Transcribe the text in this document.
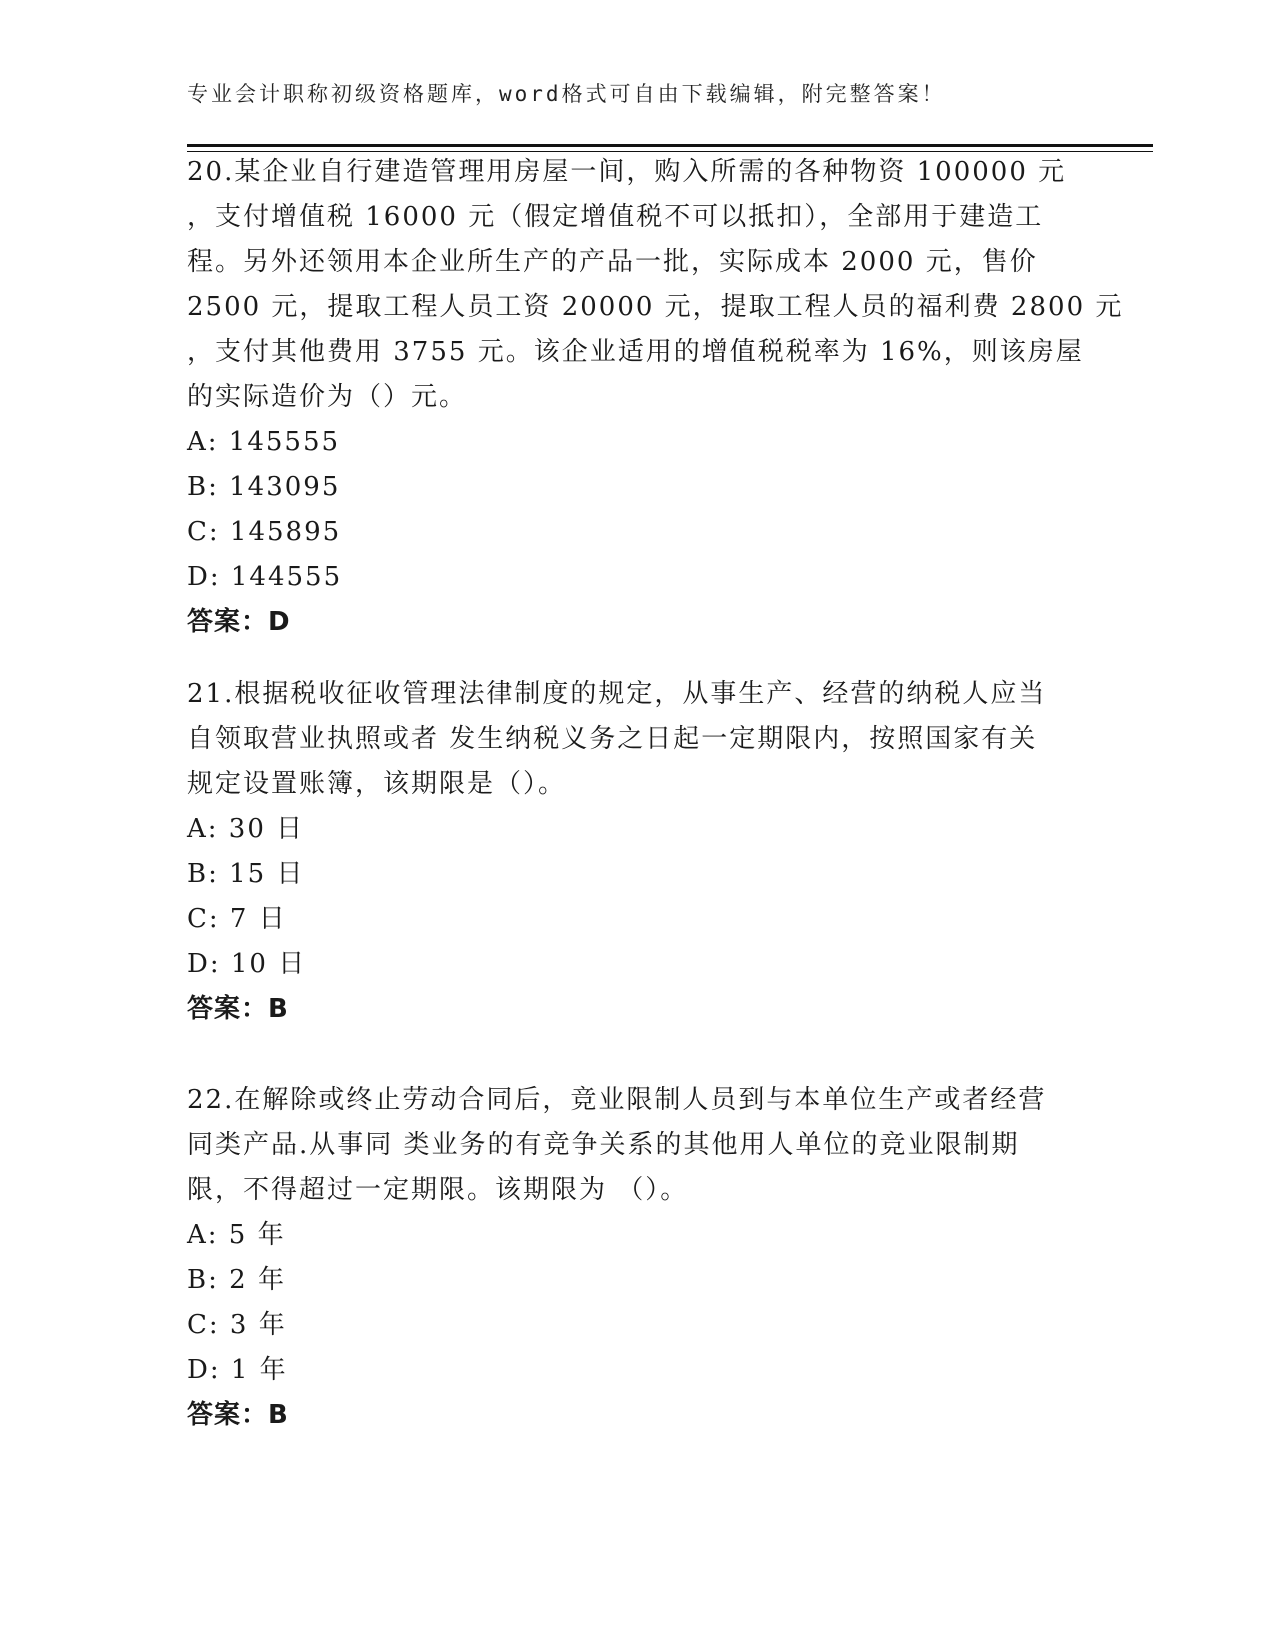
专业会计职称初级资格题库，word格式可自由下载编辑，附完整答案！
20.某企业自行建造管理用房屋一间，购入所需的各种物资 100000 元
，支付增值税 16000 元（假定增值税不可以抵扣），全部用于建造工
程。另外还领用本企业所生产的产品一批，实际成本 2000 元，售价
2500 元，提取工程人员工资 20000 元，提取工程人员的福利费 2800 元
，支付其他费用 3755 元。该企业适用的增值税税率为 16%，则该房屋
的实际造价为（）元。
A: 145555
B: 143095
C: 145895
D: 144555
答案：D
21.根据税收征收管理法律制度的规定，从事生产、经营的纳税人应当
自领取营业执照或者 发生纳税义务之日起一定期限内，按照国家有关
规定设置账簿，该期限是（）。
A: 30 日
B: 15 日
C: 7 日
D: 10 日
答案：B
22.在解除或终止劳动合同后，竞业限制人员到与本单位生产或者经营
同类产品.从事同 类业务的有竞争关系的其他用人单位的竞业限制期
限，不得超过一定期限。该期限为 （）。
A: 5 年
B: 2 年
C: 3 年
D: 1 年
答案：B
